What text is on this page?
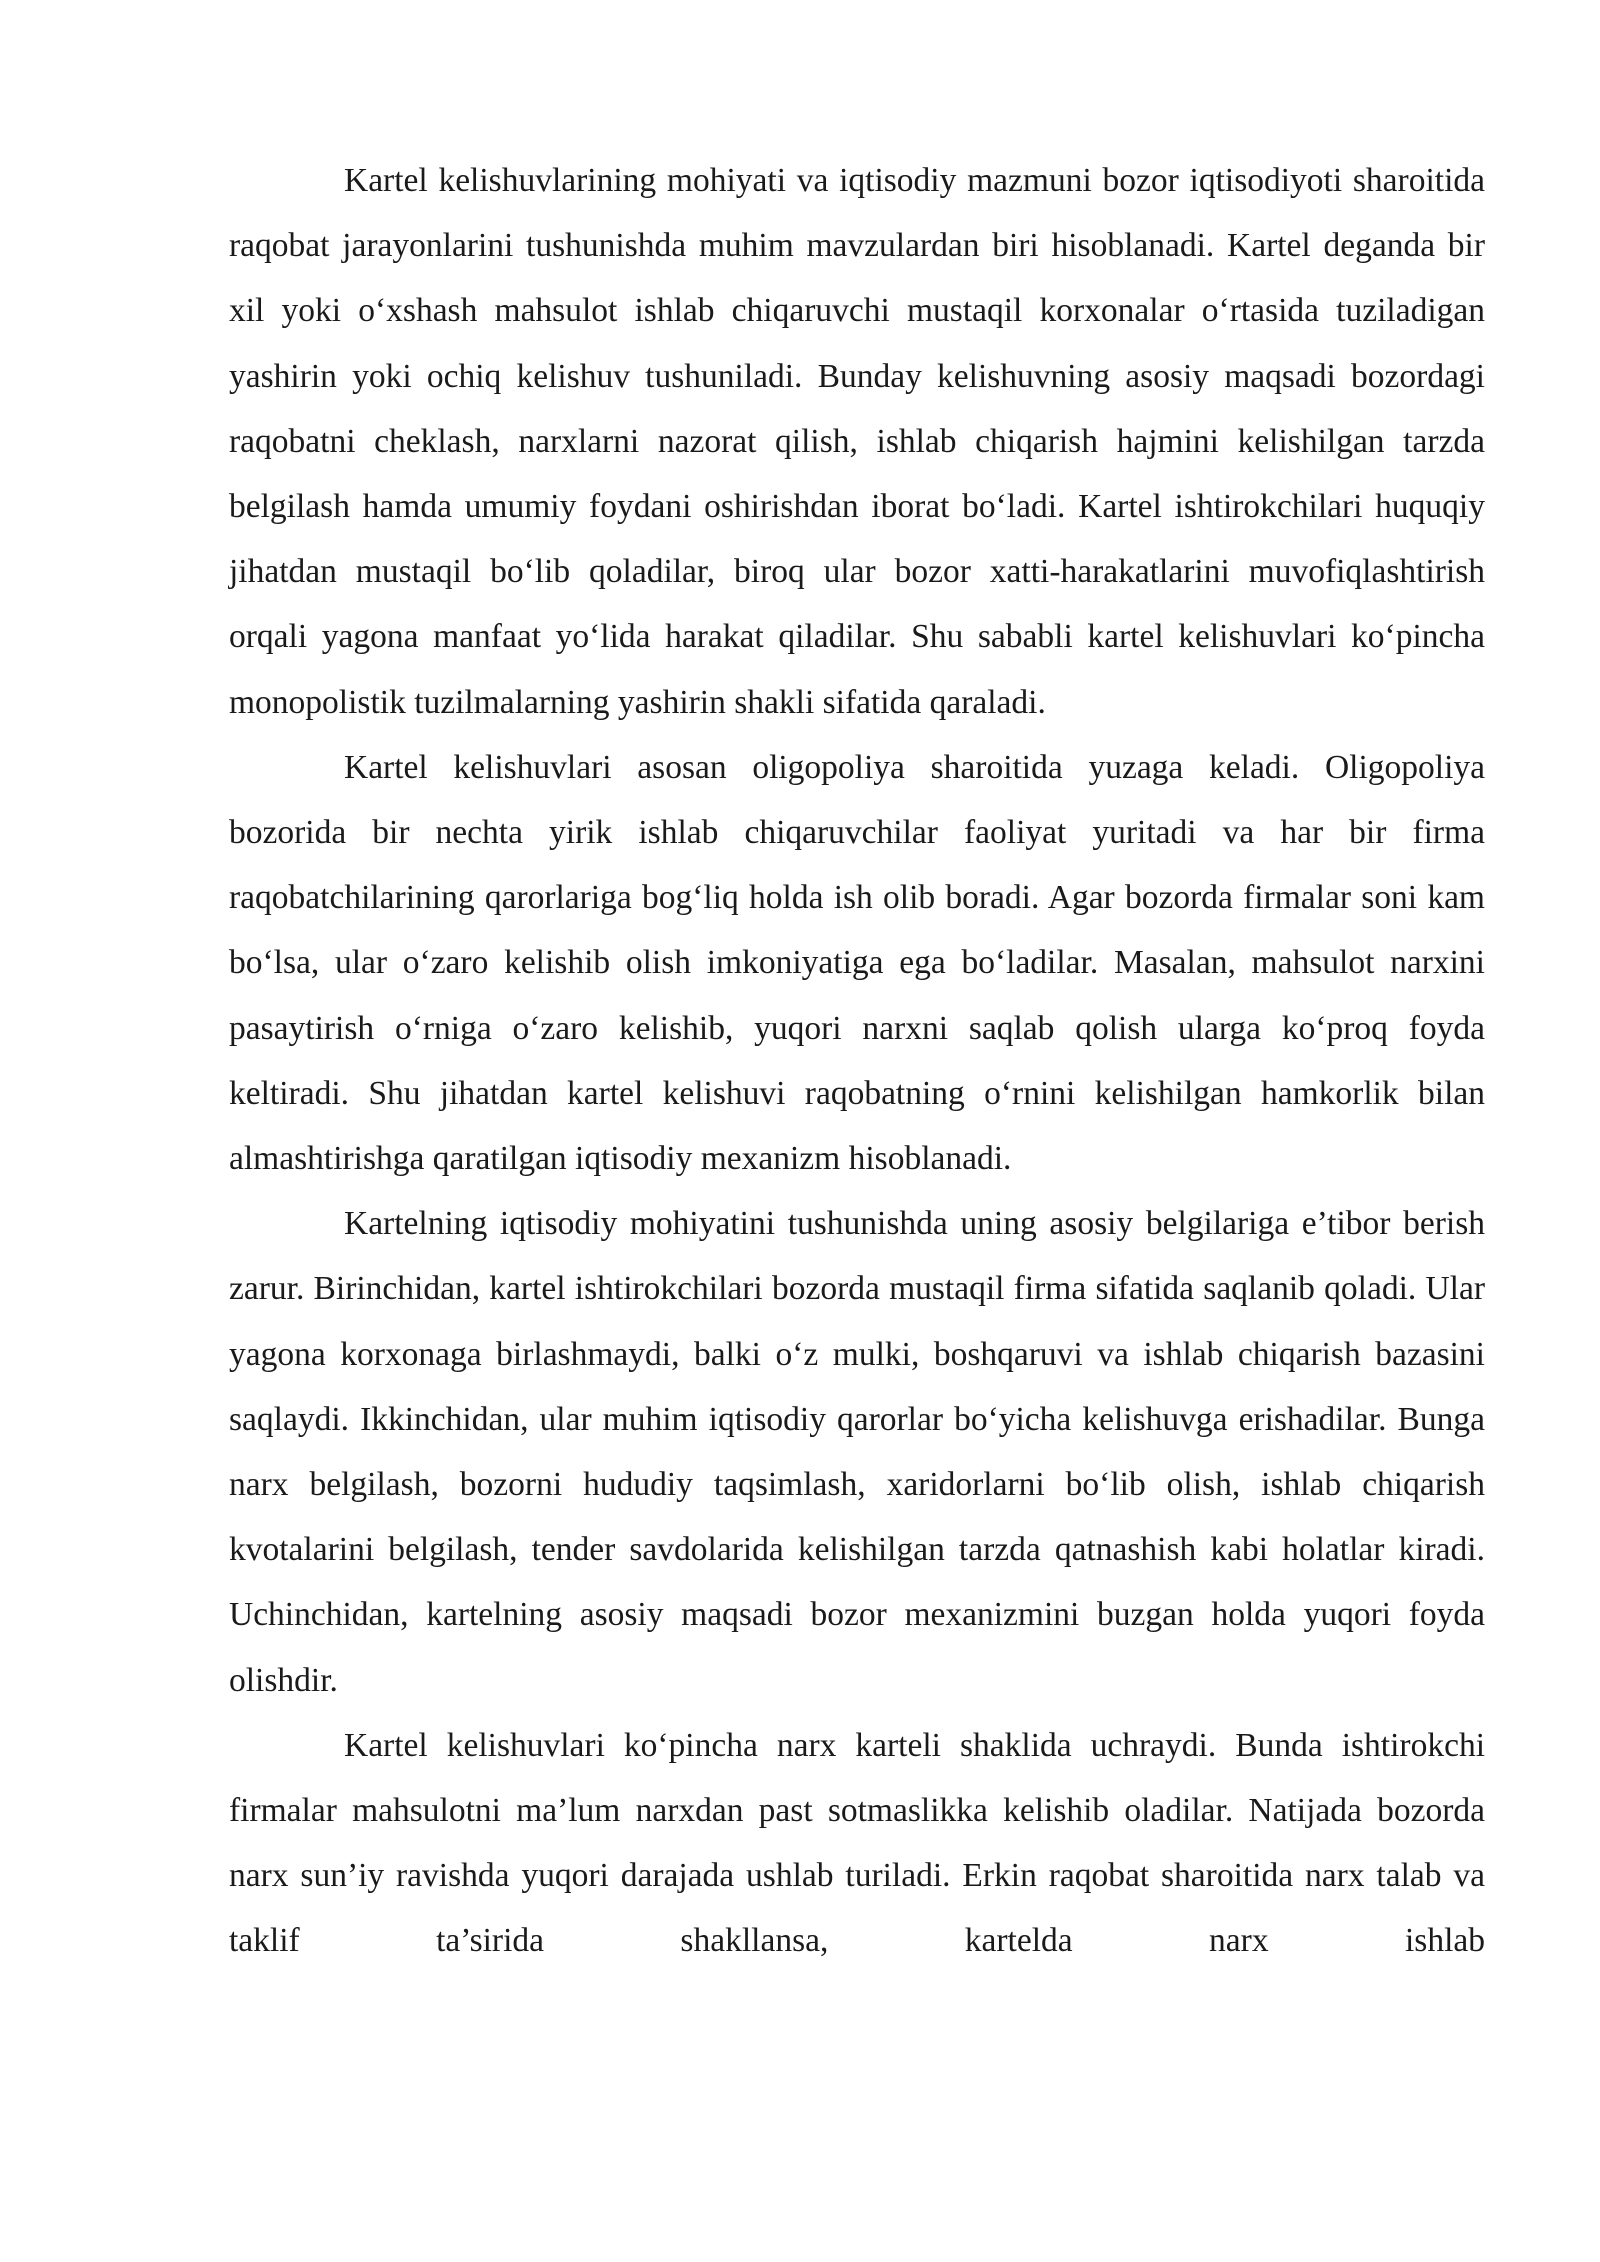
Kartel kelishuvlarining mohiyati va iqtisodiy mazmuni bozor iqtisodiyoti sharoitida raqobat jarayonlarini tushunishda muhim mavzulardan biri hisoblanadi. Kartel deganda bir xil yoki o‘xshash mahsulot ishlab chiqaruvchi mustaqil korxonalar o‘rtasida tuziladigan yashirin yoki ochiq kelishuv tushuniladi. Bunday kelishuvning asosiy maqsadi bozordagi raqobatni cheklash, narxlarni nazorat qilish, ishlab chiqarish hajmini kelishilgan tarzda belgilash hamda umumiy foydani oshirishdan iborat bo‘ladi. Kartel ishtirokchilari huquqiy jihatdan mustaqil bo‘lib qoladilar, biroq ular bozor xatti-harakatlarini muvofiqlashtirish orqali yagona manfaat yo‘lida harakat qiladilar. Shu sababli kartel kelishuvlari ko‘pincha monopolistik tuzilmalarning yashirin shakli sifatida qaraladi.

Kartel kelishuvlari asosan oligopoliya sharoitida yuzaga keladi. Oligopoliya bozorida bir nechta yirik ishlab chiqaruvchilar faoliyat yuritadi va har bir firma raqobatchilarining qarorlariga bog‘liq holda ish olib boradi. Agar bozorda firmalar soni kam bo‘lsa, ular o‘zaro kelishib olish imkoniyatiga ega bo‘ladilar. Masalan, mahsulot narxini pasaytirish o‘rniga o‘zaro kelishib, yuqori narxni saqlab qolish ularga ko‘proq foyda keltiradi. Shu jihatdan kartel kelishuvi raqobatning o‘rnini kelishilgan hamkorlik bilan almashtirishga qaratilgan iqtisodiy mexanizm hisoblanadi.

Kartelning iqtisodiy mohiyatini tushunishda uning asosiy belgilariga e’tibor berish zarur. Birinchidan, kartel ishtirokchilari bozorda mustaqil firma sifatida saqlanib qoladi. Ular yagona korxonaga birlashmaydi, balki o‘z mulki, boshqaruvi va ishlab chiqarish bazasini saqlaydi. Ikkinchidan, ular muhim iqtisodiy qarorlar bo‘yicha kelishuvga erishadilar. Bunga narx belgilash, bozorni hududiy taqsimlash, xaridorlarni bo‘lib olish, ishlab chiqarish kvotalarini belgilash, tender savdolarida kelishilgan tarzda qatnashish kabi holatlar kiradi. Uchinchidan, kartelning asosiy maqsadi bozor mexanizmini buzgan holda yuqori foyda olishdir.

Kartel kelishuvlari ko‘pincha narx karteli shaklida uchraydi. Bunda ishtirokchi firmalar mahsulotni ma’lum narxdan past sotmaslikka kelishib oladilar. Natijada bozorda narx sun’iy ravishda yuqori darajada ushlab turiladi. Erkin raqobat sharoitida narx talab va taklif ta’sirida shakllansa, kartelda narx ishlab
